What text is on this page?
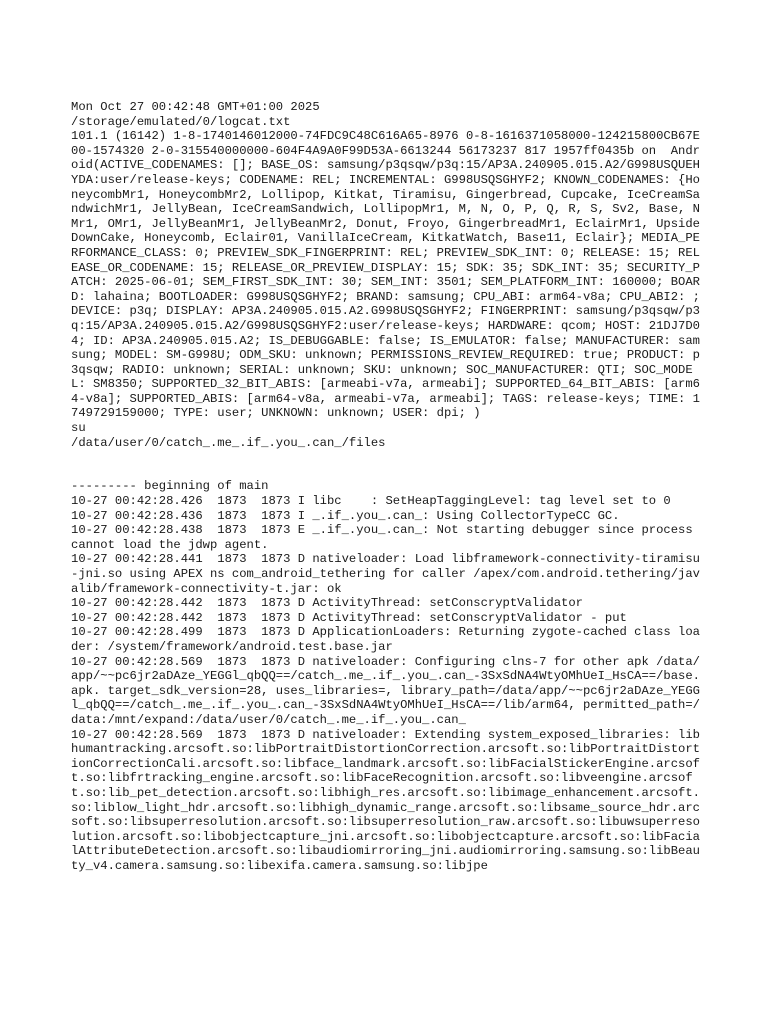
Mon Oct 27 00:42:48 GMT+01:00 2025
/storage/emulated/0/logcat.txt
101.1 (16142) 1-8-1740146012000-74FDC9C48C616A65-8976 0-8-1616371058000-124215800CB67E00-1574320 2-0-315540000000-604F4A9A0F99D53A-6613244 56173237 817 1957ff0435b on  Android(ACTIVE_CODENAMES: []; BASE_OS: samsung/p3qsqw/p3q:15/AP3A.240905.015.A2/G998USQUEHYDA:user/release-keys; CODENAME: REL; INCREMENTAL: G998USQSGHYF2; KNOWN_CODENAMES: {HoneycombMr1, HoneycombMr2, Lollipop, Kitkat, Tiramisu, Gingerbread, Cupcake, IceCreamSandwichMr1, JellyBean, IceCreamSandwich, LollipopMr1, M, N, O, P, Q, R, S, Sv2, Base, NMr1, OMr1, JellyBeanMr1, JellyBeanMr2, Donut, Froyo, GingerbreadMr1, EclairMr1, UpsideDownCake, Honeycomb, Eclair01, VanillaIceCream, KitkatWatch, Base11, Eclair}; MEDIA_PERFORMANCE_CLASS: 0; PREVIEW_SDK_FINGERPRINT: REL; PREVIEW_SDK_INT: 0; RELEASE: 15; RELEASE_OR_CODENAME: 15; RELEASE_OR_PREVIEW_DISPLAY: 15; SDK: 35; SDK_INT: 35; SECURITY_PATCH: 2025-06-01; SEM_FIRST_SDK_INT: 30; SEM_INT: 3501; SEM_PLATFORM_INT: 160000; BOARD: lahaina; BOOTLOADER: G998USQSGHYF2; BRAND: samsung; CPU_ABI: arm64-v8a; CPU_ABI2: ; DEVICE: p3q; DISPLAY: AP3A.240905.015.A2.G998USQSGHYF2; FINGERPRINT: samsung/p3qsqw/p3q:15/AP3A.240905.015.A2/G998USQSGHYF2:user/release-keys; HARDWARE: qcom; HOST: 21DJ7D04; ID: AP3A.240905.015.A2; IS_DEBUGGABLE: false; IS_EMULATOR: false; MANUFACTURER: samsung; MODEL: SM-G998U; ODM_SKU: unknown; PERMISSIONS_REVIEW_REQUIRED: true; PRODUCT: p3qsqw; RADIO: unknown; SERIAL: unknown; SKU: unknown; SOC_MANUFACTURER: QTI; SOC_MODEL: SM8350; SUPPORTED_32_BIT_ABIS: [armeabi-v7a, armeabi]; SUPPORTED_64_BIT_ABIS: [arm64-v8a]; SUPPORTED_ABIS: [arm64-v8a, armeabi-v7a, armeabi]; TAGS: release-keys; TIME: 1749729159000; TYPE: user; UNKNOWN: unknown; USER: dpi; )
su
/data/user/0/catch_.me_.if_.you_.can_/files
--------- beginning of main
10-27 00:42:28.426  1873  1873 I libc    : SetHeapTaggingLevel: tag level set to 0
10-27 00:42:28.436  1873  1873 I _.if_.you_.can_: Using CollectorTypeCC GC.
10-27 00:42:28.438  1873  1873 E _.if_.you_.can_: Not starting debugger since process cannot load the jdwp agent.
10-27 00:42:28.441  1873  1873 D nativeloader: Load libframework-connectivity-tiramisu-jni.so using APEX ns com_android_tethering for caller /apex/com.android.tethering/javalib/framework-connectivity-t.jar: ok
10-27 00:42:28.442  1873  1873 D ActivityThread: setConscryptValidator
10-27 00:42:28.442  1873  1873 D ActivityThread: setConscryptValidator - put
10-27 00:42:28.499  1873  1873 D ApplicationLoaders: Returning zygote-cached class loader: /system/framework/android.test.base.jar
10-27 00:42:28.569  1873  1873 D nativeloader: Configuring clns-7 for other apk /data/app/~~pc6jr2aDAze_YEGGl_qbQQ==/catch_.me_.if_.you_.can_-3SxSdNA4WtyOMhUeI_HsCA==/base.apk. target_sdk_version=28, uses_libraries=, library_path=/data/app/~~pc6jr2aDAze_YEGGl_qbQQ==/catch_.me_.if_.you_.can_-3SxSdNA4WtyOMhUeI_HsCA==/lib/arm64, permitted_path=/data:/mnt/expand:/data/user/0/catch_.me_.if_.you_.can_
10-27 00:42:28.569  1873  1873 D nativeloader: Extending system_exposed_libraries: libhumantracking.arcsoft.so:libPortraitDistortionCorrection.arcsoft.so:libPortraitDistortionCorrectionCali.arcsoft.so:libface_landmark.arcsoft.so:libFacialStickerEngine.arcsoft.so:libfrtracking_engine.arcsoft.so:libFaceRecognition.arcsoft.so:libveengine.arcsoft.so:lib_pet_detection.arcsoft.so:libhigh_res.arcsoft.so:libimage_enhancement.arcsoft.so:liblow_light_hdr.arcsoft.so:libhigh_dynamic_range.arcsoft.so:libsame_source_hdr.arcsoft.so:libsuperresolution.arcsoft.so:libsuperresolution_raw.arcsoft.so:libuwsuperresolution.arcsoft.so:libobjectcapture_jni.arcsoft.so:libobjectcapture.arcsoft.so:libFacialAttributeDetection.arcsoft.so:libaudiomirroring_jni.audiomirroring.samsung.so:libBeauty_v4.camera.samsung.so:libexifa.camera.samsung.so:libjpe
